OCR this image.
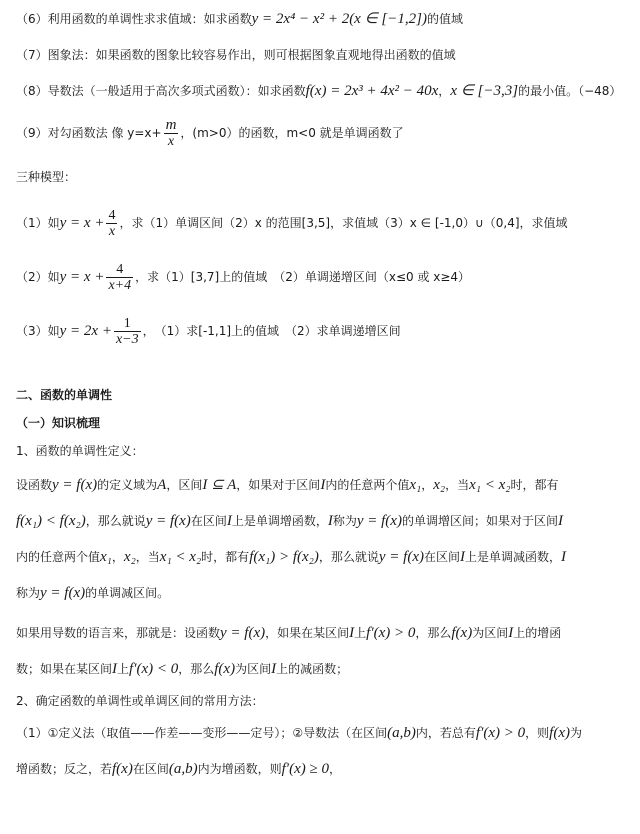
（6）利用函数的单调性求求值域：如求函数y = 2x⁴ − x² + 2(x ∈ [−1,2])的值域
（7）图象法：如果函数的图象比较容易作出，则可根据图象直观地得出函数的值域
（8）导数法（一般适用于高次多项式函数）：如求函数f(x) = 2x³ + 4x² − 40x，x ∈ [−3,3]的最小值。（−48）
（9）对勾函数法 像 $y=x+ \frac{m}{x}$ ，(m>0）的函数，m<0 就是单调函数了
三种模型：
（1）如$y = x + \frac{4}{x}$ ，求（1）单调区间（2）x 的范围[3,5]，求值域（3）x ∈ [-1,0）∪（0,4]，求值域
（2）如$y = x + \frac{4}{x+4}$ ，求（1）[3,7]上的值域　（2）单调递增区间（x≤0 或 x≥4）
（3）如$y = 2x + \frac{1}{x-3}$ ，　（1）求[-1,1]上的值域　（2）求单调递增区间
二、函数的单调性
（一）知识梳理
1、函数的单调性定义：
设函数y = f(x)的定义域为A，区间I ⊆ A，如果对于区间I内的任意两个值x₁，x₂，当x₁ < x₂时，都有
f(x₁) < f(x₂)，那么就说y = f(x)在区间I上是单调增函数，I称为y = f(x)的单调增区间；如果对于区间I
内的任意两个值x₁，x₂，当x₁ < x₂时，都有f(x₁) > f(x₂)，那么就说y = f(x)在区间I上是单调减函数，I
称为y = f(x)的单调减区间。
如果用导数的语言来，那就是：设函数y = f(x)，如果在某区间I上f′(x) > 0，那么f(x)为区间I上的增函
数；如果在某区间I上f′(x) < 0，那么f(x)为区间I上的减函数；
2、确定函数的单调性或单调区间的常用方法：
（1）①定义法（取值——作差——变形——定号）；②导数法（在区间(a,b)内，若总有f′(x) > 0，则f(x)为
增函数；反之，若f(x)在区间(a,b)内为增函数，则f′(x) ≥ 0，
